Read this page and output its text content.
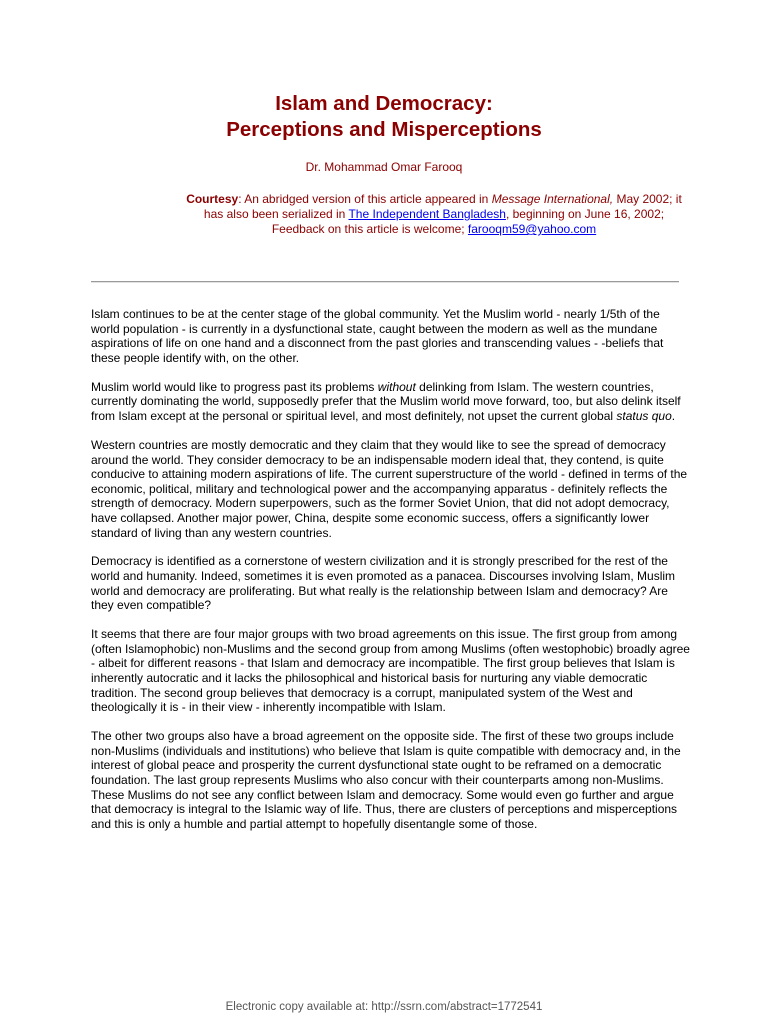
Islam and Democracy:
Perceptions and Misperceptions
Dr. Mohammad Omar Farooq
Courtesy: An abridged version of this article appeared in Message International, May 2002; it has also been serialized in The Independent Bangladesh, beginning on June 16, 2002; Feedback on this article is welcome; farooqm59@yahoo.com

Islam continues to be at the center stage of the global community. Yet the Muslim world - nearly 1/5th of the world population - is currently in a dysfunctional state, caught between the modern as well as the mundane aspirations of life on one hand and a disconnect from the past glories and transcending values - -beliefs that these people identify with, on the other.

Muslim world would like to progress past its problems without delinking from Islam. The western countries, currently dominating the world, supposedly prefer that the Muslim world move forward, too, but also delink itself from Islam except at the personal or spiritual level, and most definitely, not upset the current global status quo.

Western countries are mostly democratic and they claim that they would like to see the spread of democracy around the world. They consider democracy to be an indispensable modern ideal that, they contend, is quite conducive to attaining modern aspirations of life. The current superstructure of the world - defined in terms of the economic, political, military and technological power and the accompanying apparatus - definitely reflects the strength of democracy. Modern superpowers, such as the former Soviet Union, that did not adopt democracy, have collapsed. Another major power, China, despite some economic success, offers a significantly lower standard of living than any western countries.

Democracy is identified as a cornerstone of western civilization and it is strongly prescribed for the rest of the world and humanity. Indeed, sometimes it is even promoted as a panacea. Discourses involving Islam, Muslim world and democracy are proliferating. But what really is the relationship between Islam and democracy? Are they even compatible?

It seems that there are four major groups with two broad agreements on this issue. The first group from among (often Islamophobic) non-Muslims and the second group from among Muslims (often westophobic) broadly agree - albeit for different reasons - that Islam and democracy are incompatible. The first group believes that Islam is inherently autocratic and it lacks the philosophical and historical basis for nurturing any viable democratic tradition. The second group believes that democracy is a corrupt, manipulated system of the West and theologically it is - in their view - inherently incompatible with Islam.

The other two groups also have a broad agreement on the opposite side. The first of these two groups include non-Muslims (individuals and institutions) who believe that Islam is quite compatible with democracy and, in the interest of global peace and prosperity the current dysfunctional state ought to be reframed on a democratic foundation. The last group represents Muslims who also concur with their counterparts among non-Muslims. These Muslims do not see any conflict between Islam and democracy. Some would even go further and argue that democracy is integral to the Islamic way of life. Thus, there are clusters of perceptions and misperceptions and this is only a humble and partial attempt to hopefully disentangle some of those.

Electronic copy available at: http://ssrn.com/abstract=1772541
